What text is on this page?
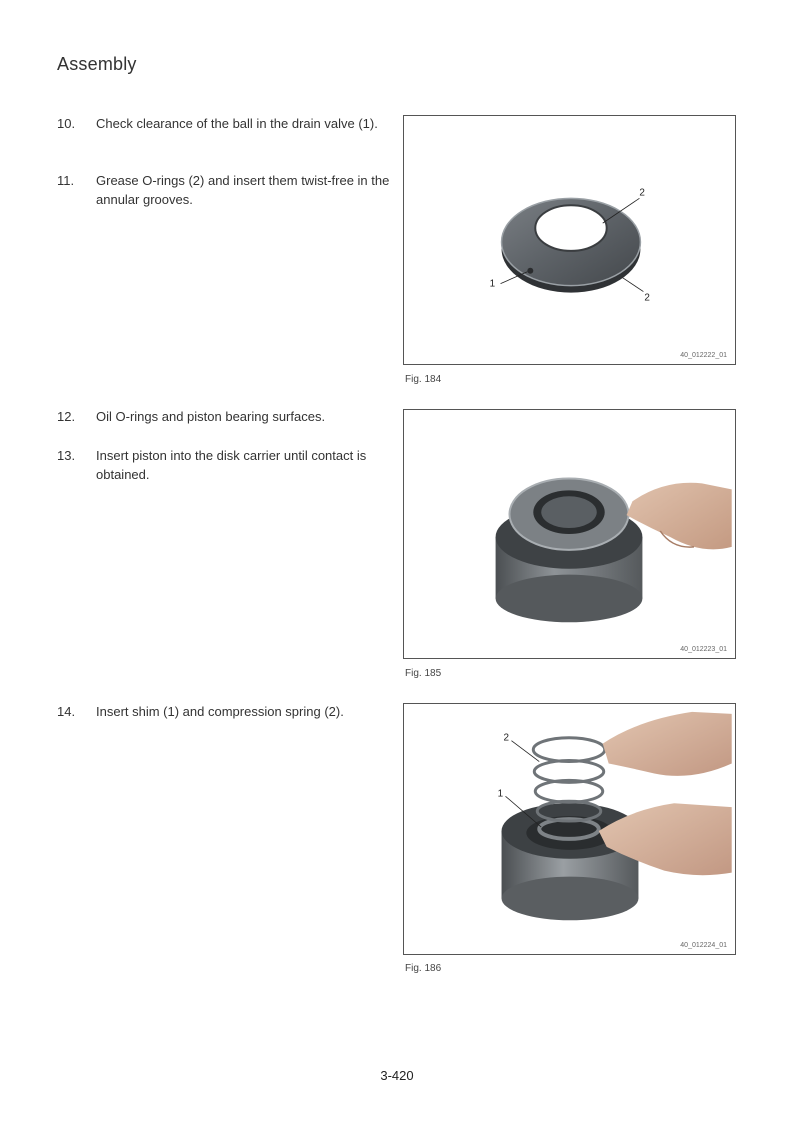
Assembly
10. Check clearance of the ball in the drain valve (1).
11. Grease O-rings (2) and insert them twist-free in the annular grooves.
12. Oil O-rings and piston bearing surfaces.
13. Insert piston into the disk carrier until contact is obtained.
14. Insert shim (1) and compression spring (2).
2
1
2
40_012222_01
Fig. 184
40_012223_01
Fig. 185
2
1
40_012224_01
Fig. 186
3-420
